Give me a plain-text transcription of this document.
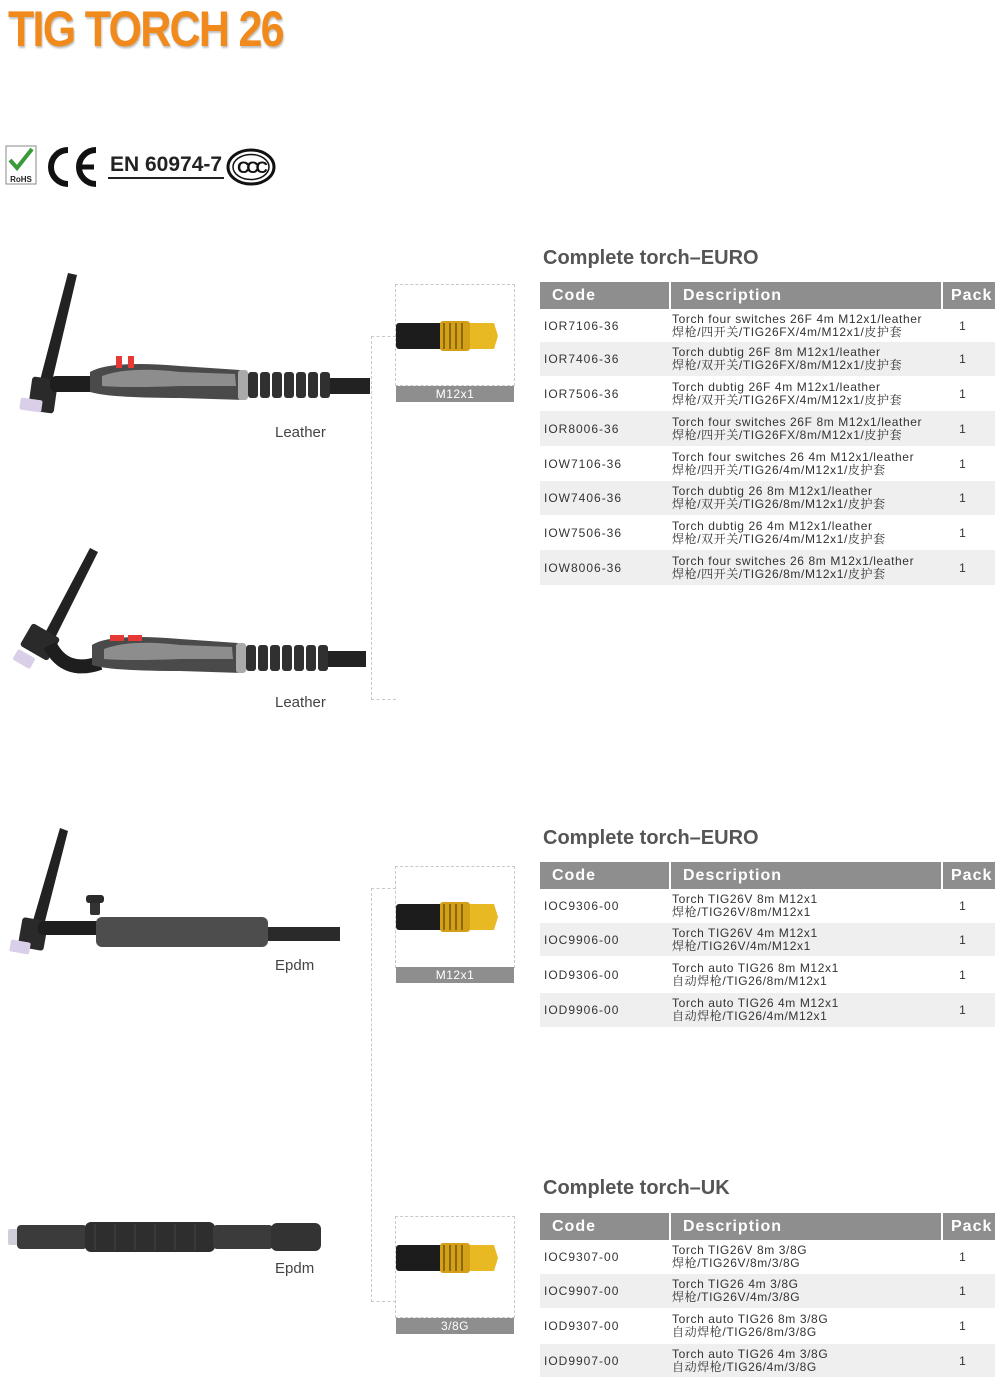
TIG TORCH 26
RoHS
EN 60974-7 CCC
Complete torch–EURO
Code	Description	Pack
IOR7106-36	Torch four switches 26F 4m M12x1/leather
焊枪/四开关/TIG26FX/4m/M12x1/皮护套	1
IOR7406-36	Torch dubtig 26F 8m M12x1/leather
焊枪/双开关/TIG26FX/8m/M12x1/皮护套	1
IOR7506-36	Torch dubtig 26F 4m M12x1/leather
焊枪/双开关/TIG26FX/4m/M12x1/皮护套	1
IOR8006-36	Torch four switches 26F 8m M12x1/leather
焊枪/四开关/TIG26FX/8m/M12x1/皮护套	1
IOW7106-36	Torch four switches 26 4m M12x1/leather
焊枪/四开关/TIG26/4m/M12x1/皮护套	1
IOW7406-36	Torch dubtig 26 8m M12x1/leather
焊枪/双开关/TIG26/8m/M12x1/皮护套	1
IOW7506-36	Torch dubtig 26 4m M12x1/leather
焊枪/双开关/TIG26/4m/M12x1/皮护套	1
IOW8006-36	Torch four switches 26 8m M12x1/leather
焊枪/四开关/TIG26/8m/M12x1/皮护套	1
Leather
Leather
M12x1
Complete torch–EURO
Code	Description	Pack
IOC9306-00	Torch TIG26V 8m M12x1
焊枪/TIG26V/8m/M12x1	1
IOC9906-00	Torch TIG26V 4m M12x1
焊枪/TIG26V/4m/M12x1	1
IOD9306-00	Torch auto TIG26 8m M12x1
自动焊枪/TIG26/8m/M12x1	1
IOD9906-00	Torch auto TIG26 4m M12x1
自动焊枪/TIG26/4m/M12x1	1
Epdm
M12x1
Complete torch–UK
Code	Description	Pack
IOC9307-00	Torch TIG26V 8m 3/8G
焊枪/TIG26V/8m/3/8G	1
IOC9907-00	Torch TIG26 4m 3/8G
焊枪/TIG26V/4m/3/8G	1
IOD9307-00	Torch auto TIG26 8m 3/8G
自动焊枪/TIG26/8m/3/8G	1
IOD9907-00	Torch auto TIG26 4m 3/8G
自动焊枪/TIG26/4m/3/8G	1
Epdm
3/8G
